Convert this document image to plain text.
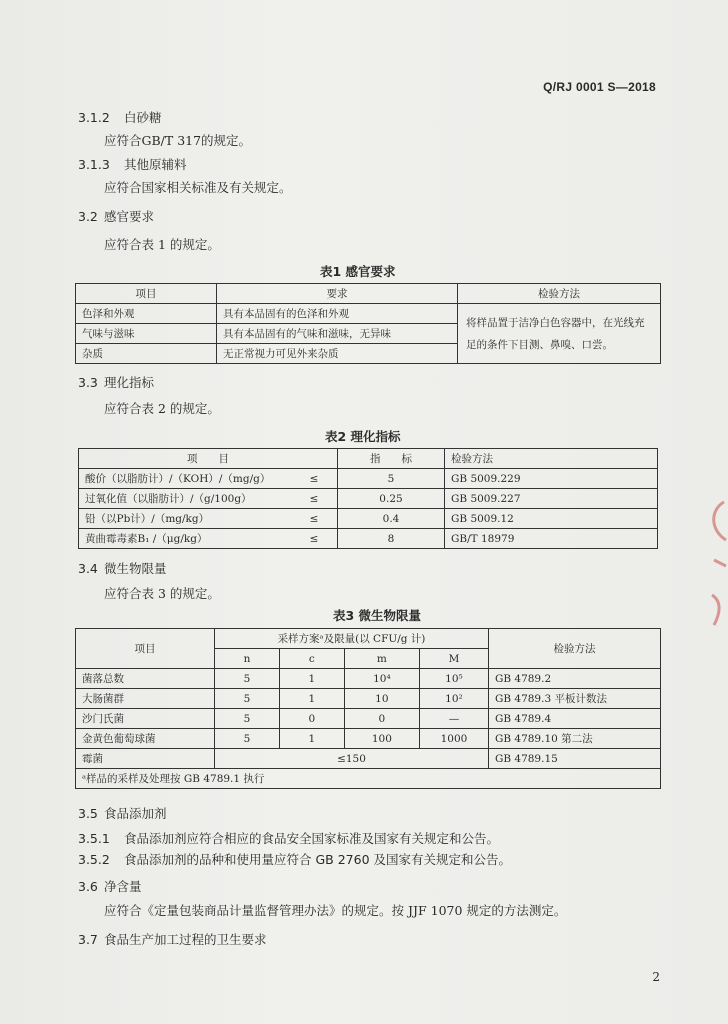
Q/RJ 0001 S—2018
3.1.2 白砂糖
应符合GB/T 317的规定。
3.1.3 其他原辅料
应符合国家相关标准及有关规定。
3.2 感官要求
应符合表 1 的规定。
表1 感官要求
项目	要求	检验方法
色泽和外观	具有本品固有的色泽和外观	将样品置于洁净白色容器中，在光线充足的条件下目测、鼻嗅、口尝。
气味与滋味	具有本品固有的气味和滋味，无异味	
杂质	无正常视力可见外来杂质	
3.3 理化指标
应符合表 2 的规定。
表2 理化指标
项　　目		指　　标	检验方法
酸价（以脂肪计）/（KOH）/（mg/g）	≤	5	GB 5009.229
过氧化值（以脂肪计）/（g/100g）	≤	0.25	GB 5009.227
铅（以Pb计）/（mg/kg）	≤	0.4	GB 5009.12
黄曲霉毒素B₁ /（μg/kg）	≤	8	GB/T 18979
3.4 微生物限量
应符合表 3 的规定。
表3 微生物限量
项目	采样方案ᵃ及限量(以 CFU/g 计)				检验方法
	n	c	m	M	
菌落总数	5	1	10⁴	10⁵	GB 4789.2
大肠菌群	5	1	10	10²	GB 4789.3 平板计数法
沙门氏菌	5	0	0	—	GB 4789.4
金黄色葡萄球菌	5	1	100	1000	GB 4789.10 第二法
霉菌	≤150				GB 4789.15
ᵃ样品的采样及处理按 GB 4789.1 执行					
3.5 食品添加剂
3.5.1 食品添加剂应符合相应的食品安全国家标准及国家有关规定和公告。
3.5.2 食品添加剂的品种和使用量应符合 GB 2760 及国家有关规定和公告。
3.6 净含量
应符合《定量包装商品计量监督管理办法》的规定。按 JJF 1070 规定的方法测定。
3.7 食品生产加工过程的卫生要求
2
